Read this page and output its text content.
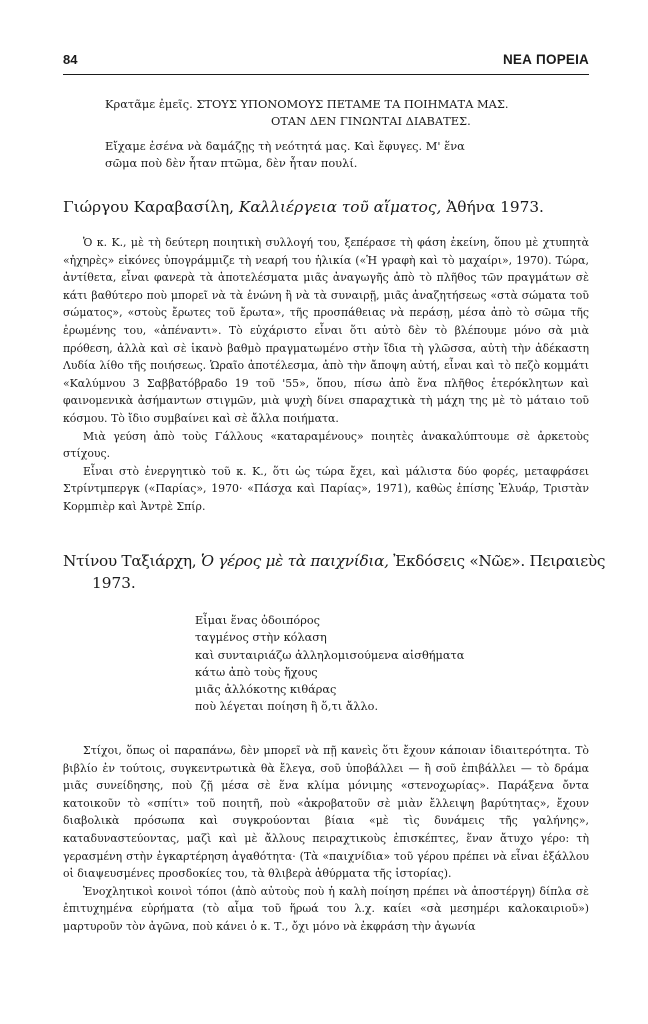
84	ΝΕΑ ΠΟΡΕΙΑ
Κρατᾶμε ἐμεῖς. ΣΤΟΥΣ ΥΠΟΝΟΜΟΥΣ ΠΕΤΑΜΕ ΤΑ ΠΟΙΗΜΑΤΑ ΜΑΣ.
ΟΤΑΝ ΔΕΝ ΓΙΝΩΝΤΑΙ ΔΙΑΒΑΤΕΣ.
Εἴχαμε ἐσένα νὰ δαμάζῃς τὴ νεότητά μας. Καὶ ἔφυγες. Μ' ἕνα
σῶμα ποὺ δὲν ἦταν πτῶμα, δὲν ἦταν πουλί.
Γιώργου Καραβασίλη, Καλλιέργεια τοῦ αἵματος, Ἀθήνα 1973.

Ὁ κ. Κ., μὲ τὴ δεύτερη ποιητικὴ συλλογή του, ξεπέρασε τὴ φάση ἐκείνη, ὅπου μὲ χτυπητὰ «ἠχηρὲς» εἰκόνες ὑπογράμμιζε τὴ νεαρή του ἡλικία («Ἡ γραφὴ καὶ τὸ μαχαίρι», 1970). Τώρα, ἀντίθετα, εἶναι φανερὰ τὰ ἀποτελέσματα μιᾶς ἀναγωγῆς ἀπὸ τὸ πλῆθος τῶν πραγμάτων σὲ κάτι βαθύτερο ποὺ μπορεῖ νὰ τὰ ἑνώνη ἢ νὰ τὰ συναιρῇ, μιᾶς ἀναζητήσεως «στὰ σώματα τοῦ σώματος», «στοὺς ἔρωτες τοῦ ἔρωτα», τῆς προσπάθειας νὰ περάσῃ, μέσα ἀπὸ τὸ σῶμα τῆς ἐρωμένης του, «ἀπέναντι». Τὸ εὐχάριστο εἶναι ὅτι αὐτὸ δὲν τὸ βλέπουμε μόνο σὰ μιὰ πρόθεση, ἀλλὰ καὶ σὲ ἱκανὸ βαθμὸ πραγματωμένο στὴν ἴδια τὴ γλῶσσα, αὐτὴ τὴν ἀδέκαστη Λυδία λίθο τῆς ποιήσεως. Ὡραῖο ἀποτέλεσμα, ἀπὸ τὴν ἄποψη αὐτή, εἶναι καὶ τὸ πεζὸ κομμάτι «Καλύμνου 3 Σαββατόβραδο 19 τοῦ '55», ὅπου, πίσω ἀπὸ ἕνα πλῆθος ἑτερόκλητων καὶ φαινομενικὰ ἀσήμαντων στιγμῶν, μιὰ ψυχὴ δίνει σπαραχτικὰ τὴ μάχη της μὲ τὸ μάταιο τοῦ κόσμου. Τὸ ἴδιο συμβαίνει καὶ σὲ ἄλλα ποιήματα.

Μιὰ γεύση ἀπὸ τοὺς Γάλλους «καταραμένους» ποιητὲς ἀνακαλύπτουμε σὲ ἀρκετοὺς στίχους.

Εἶναι στὸ ἐνεργητικὸ τοῦ κ. Κ., ὅτι ὡς τώρα ἔχει, καὶ μάλιστα δύο φορές, μεταφράσει Στρίντμπεργκ («Παρίας», 1970· «Πάσχα καὶ Παρίας», 1971), καθὼς ἐπίσης Ἐλυάρ, Τριστὰν Κορμπιὲρ καὶ Ἀντρὲ Σπίρ.

Ντίνου Ταξιάρχη, Ὁ γέρος μὲ τὰ παιχνίδια, Ἐκδόσεις «Νῶε». Πειραιεὺς
1973.
Εἶμαι ἕνας ὁδοιπόρος
ταγμένος στὴν κόλαση
καὶ συνταιριάζω ἀλληλομισούμενα αἰσθήματα
κάτω ἀπὸ τοὺς ἤχους
μιᾶς ἀλλόκοτης κιθάρας
ποὺ λέγεται ποίηση ἢ ὅ,τι ἄλλο.

Στίχοι, ὅπως οἱ παραπάνω, δὲν μπορεῖ νὰ πῇ κανεὶς ὅτι ἔχουν κάποιαν ἰδιαιτερότητα. Τὸ βιβλίο ἐν τούτοις, συγκεντρωτικὰ θὰ ἔλεγα, σοῦ ὑποβάλλει — ἢ σοῦ ἐπιβάλλει — τὸ δράμα μιᾶς συνείδησης, ποὺ ζῇ μέσα σὲ ἕνα κλίμα μόνιμης «στενοχωρίας». Παράξενα ὄντα κατοικοῦν τὸ «σπίτι» τοῦ ποιητῆ, ποὺ «ἀκροβατοῦν σὲ μιὰν ἔλλειψη βαρύτητας», ἔχουν διαβολικὰ πρόσωπα καὶ συγκρούονται βίαια «μὲ τὶς δυνάμεις τῆς γαλήνης», καταδυναστεύοντας, μαζὶ καὶ μὲ ἄλλους πειραχτικοὺς ἐπισκέπτες, ἕναν ἄτυχο γέρο: τὴ γερασμένη στὴν ἐγκαρτέρηση ἀγαθότητα· (Τὰ «παιχνίδια» τοῦ γέρου πρέπει νὰ εἶναι ἐξάλλου οἱ διαψευσμένες προσδοκίες του, τὰ θλιβερὰ ἀθύρματα τῆς ἱστορίας).

Ἐνοχλητικοὶ κοινοὶ τόποι (ἀπὸ αὐτοὺς ποὺ ἡ καλὴ ποίηση πρέπει νὰ ἀποστέργη) δίπλα σὲ ἐπιτυχημένα εὑρήματα (τὸ αἷμα τοῦ ἥρωά του λ.χ. καίει «σὰ μεσημέρι καλοκαιριοῦ») μαρτυροῦν τὸν ἀγῶνα, ποὺ κάνει ὁ κ. Τ., ὄχι μόνο νὰ ἐκφράση τὴν ἀγωνία
